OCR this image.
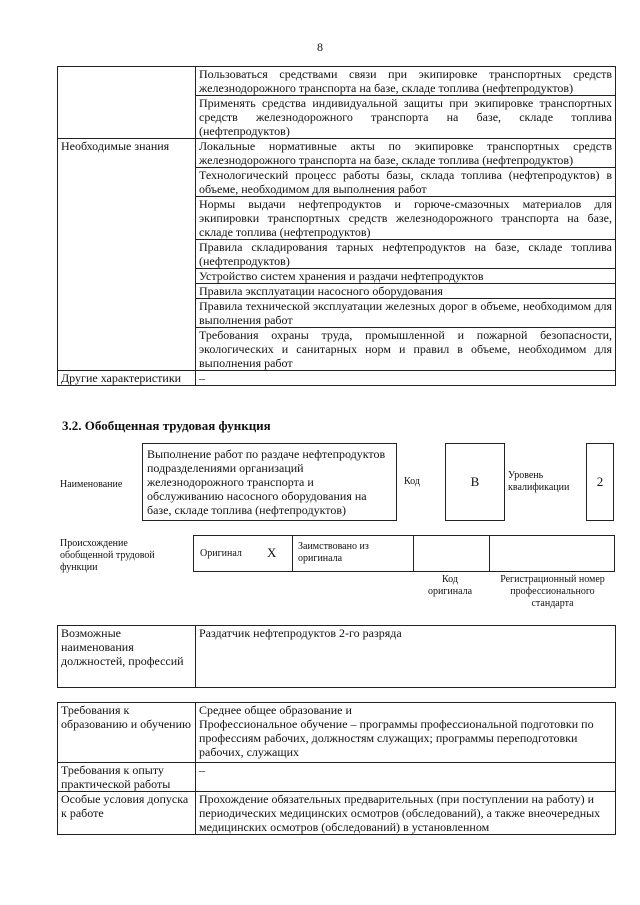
8
	Пользоваться средствами связи при экипировке транспортных средств железнодорожного транспорта на базе, складе топлива (нефтепродуктов)
	Применять средства индивидуальной защиты при экипировке транспортных средств железнодорожного транспорта на базе, складе топлива (нефтепродуктов)
Необходимые знания	Локальные нормативные акты по экипировке транспортных средств железнодорожного транспорта на базе, складе топлива (нефтепродуктов)
	Технологический процесс работы базы, склада топлива (нефтепродуктов) в объеме, необходимом для выполнения работ
	Нормы выдачи нефтепродуктов и горюче-смазочных материалов для экипировки транспортных средств железнодорожного транспорта на базе, складе топлива (нефтепродуктов)
	Правила складирования тарных нефтепродуктов на базе, складе топлива (нефтепродуктов)
	Устройство систем хранения и раздачи нефтепродуктов
	Правила эксплуатации насосного оборудования
	Правила технической эксплуатации железных дорог в объеме, необходимом для выполнения работ
	Требования охраны труда, промышленной и пожарной безопасности, экологических и санитарных норм и правил в объеме, необходимом для выполнения работ
Другие характеристики	–
3.2. Обобщенная трудовая функция
Наименование
Выполнение работ по раздаче нефтепродуктов подразделениями организаций железнодорожного транспорта и обслуживанию насосного оборудования на базе, складе топлива (нефтепродуктов)
Код	В	Уровень квалификации	2
Происхождение обобщенной трудовой функции
Оригинал Х Заимствовано из оригинала
Код оригинала
Регистрационный номер профессионального стандарта
Возможные наименования должностей, профессий	Раздатчик нефтепродуктов 2-го разряда
Требования к образованию и обучению	Среднее общее образование и
Профессиональное обучение – программы профессиональной подготовки по профессиям рабочих, должностям служащих; программы переподготовки рабочих, служащих
Требования к опыту практической работы	–
Особые условия допуска к работе	Прохождение обязательных предварительных (при поступлении на работу) и периодических медицинских осмотров (обследований), а также внеочередных медицинских осмотров (обследований) в установленном
